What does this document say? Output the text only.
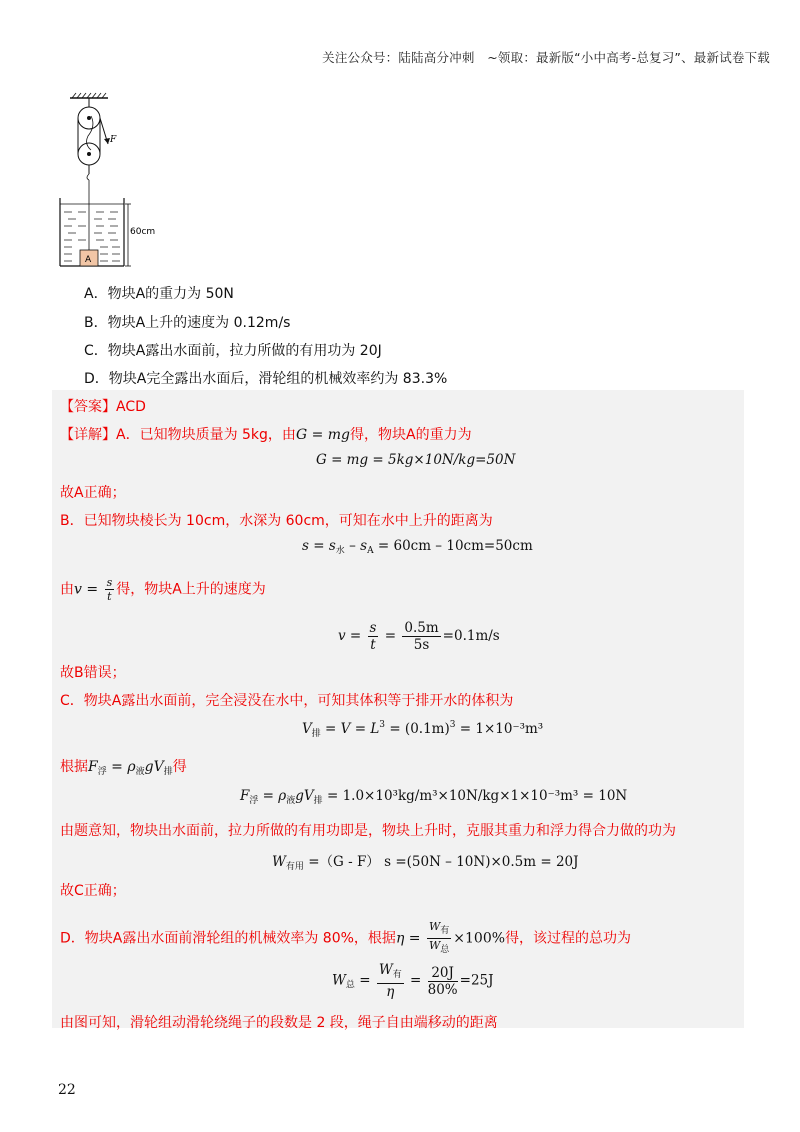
关注公众号：陆陆高分冲刺　~领取：最新版“小中高考-总复习”、最新试卷下载
F
A
60cm
A．物块A的重力为 50N
B．物块A上升的速度为 0.12m/s
C．物块A露出水面前，拉力所做的有用功为 20J
D．物块A完全露出水面后，滑轮组的机械效率约为 83.3%
【答案】ACD
【详解】A．已知物块质量为 5kg，由G = mg得，物块A的重力为
G = mg = 5kg×10N/kg=50N
故A正确；
B．已知物块棱长为 10cm，水深为 60cm，可知在水中上升的距离为
$s = s_水 - s_A = 60cm - 10cm=50cm$
由$v = \frac{s}{t}$ 得，物块A上升的速度为
$v = \frac{s}{t} = \frac{0.5m}{5s} =0.1m/s$
故B错误；
C．物块A露出水面前，完全浸没在水中，可知其体积等于排开水的体积为
$V_排 = V = L^3 = (0.1m)^3 = 1\times 10^{-3}m^3$
根据$F_浮 = \rho_液gV_排$得
$F_浮 = \rho_液gV_排 = 1.0\times 10^3kg/m^3\times 10N/kg\times 1\times 10^{-3}m^3 = 10N$
由题意知，物块出水面前，拉力所做的有用功即是，物块上升时，克服其重力和浮力得合力做的功为
$W_{有用} =(G - F)$ s =(50N – 10N)×0.5m = 20J
故C正确；
D．物块A露出水面前滑轮组的机械效率为 80%，根据$\eta = \frac{W_有}{W_总} \times 100\%$得，该过程的总功为
$W_总 = \frac{W_有}{\eta} = \frac{20J}{80\%} =25J$
由图可知，滑轮组动滑轮绕绳子的段数是 2 段，绳子自由端移动的距离
22
